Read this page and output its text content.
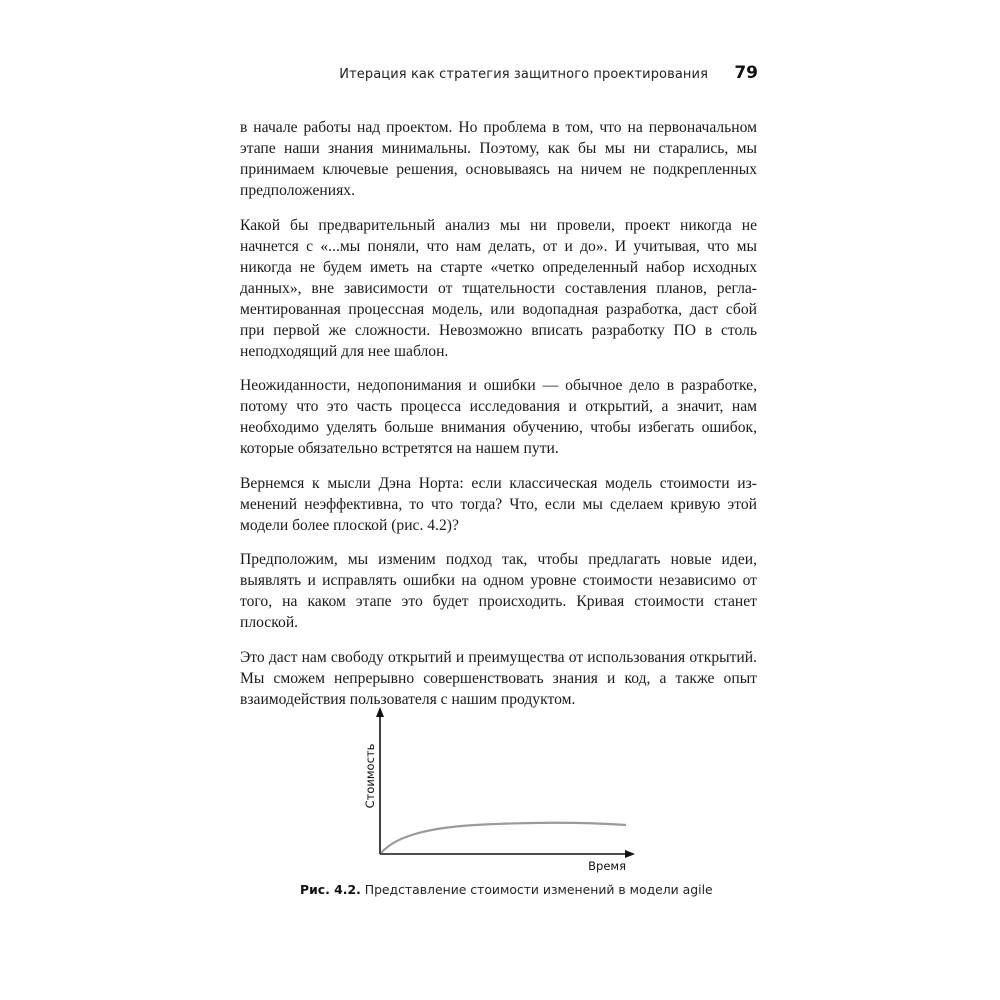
Итерация как стратегия защитного проектирования 79

в начале работы над проектом. Но проблема в том, что на первоначальном этапе наши знания минимальны. Поэтому, как бы мы ни старались, мы принимаем ключевые решения, основываясь на ничем не подкрепленных предположениях.

Какой бы предварительный анализ мы ни провели, проект никогда не начнется с «...мы поняли, что нам делать, от и до». И учитывая, что мы никогда не будем иметь на старте «четко определенный набор исходных данных», вне зависимости от тщательности составления планов, регламентированная процессная модель, или водопадная разработка, даст сбой при первой же сложности. Невозможно вписать разработку ПО в столь неподходящий для нее шаблон.

Неожиданности, недопонимания и ошибки — обычное дело в разработке, потому что это часть процесса исследования и открытий, а значит, нам необходимо уделять больше внимания обучению, чтобы избегать ошибок, которые обязательно встретятся на нашем пути.

Вернемся к мысли Дэна Норта: если классическая модель стоимости изменений неэффективна, то что тогда? Что, если мы сделаем кривую этой модели более плоской (рис. 4.2)?

Предположим, мы изменим подход так, чтобы предлагать новые идеи, выявлять и исправлять ошибки на одном уровне стоимости независимо от того, на каком этапе это будет происходить. Кривая стоимости станет плоской.

Это даст нам свободу открытий и преимущества от использования открытий. Мы сможем непрерывно совершенствовать знания и код, а также опыт взаимодействия пользователя с нашим продуктом.

Стоимость
Время
Рис. 4.2. Представление стоимости изменений в модели agile
